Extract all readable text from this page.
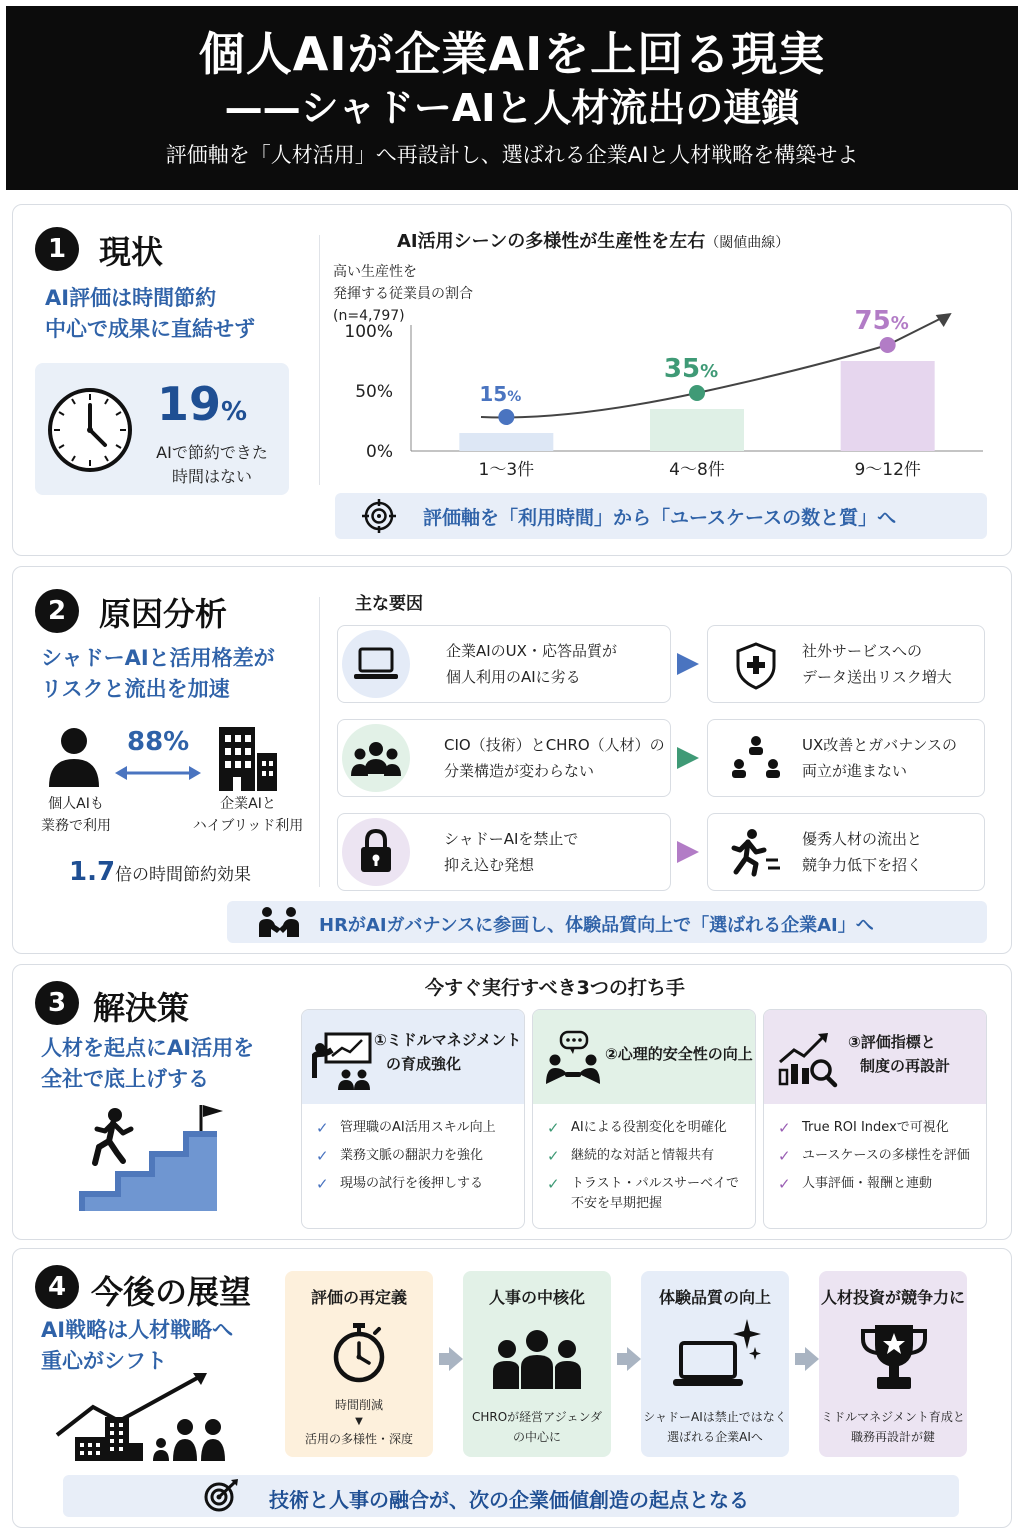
個人AIが企業AIを上回る現実
——シャドーAIと人材流出の連鎖

評価軸を「人材活用」へ再設計し、選ばれる企業AIと人材戦略を構築せよ

1	現状
AI評価は時間節約
中心で成果に直結せず
19%
AIで節約できた
時間はない
AI活用シーンの多様性が生産性を左右（閾値曲線）
高い生産性を
発揮する従業員の割合
(n=4,797)
100%
50%
0%
1〜3件	4〜8件	9〜12件
15%
35%
75%
評価軸を「利用時間」から「ユースケースの数と質」へ
2	原因分析
シャドーAIと活用格差が
リスクと流出を加速
88%
個人AIも
業務で利用
企業AIと
ハイブリッド利用
1.7倍の時間節約効果
主な要因
企業AIのUX・応答品質が
個人利用のAIに劣る
社外サービスへの
データ送出リスク増大
CIO（技術）とCHRO（人材）の
分業構造が変わらない
UX改善とガバナンスの
両立が進まない
シャドーAIを禁止で
抑え込む発想
優秀人材の流出と
競争力低下を招く
HRがAIガバナンスに参画し、体験品質向上で「選ばれる企業AI」へ
3 解決策
人材を起点にAI活用を
全社で底上げする
今すぐ実行すべき3つの打ち手
①ミドルマネジメント
の育成強化
✓ 管理職のAI活用スキル向上
✓ 業務文脈の翻訳力を強化
✓ 現場の試行を後押しする
②心理的安全性の向上
✓ AIによる役割変化を明確化
✓ 継続的な対話と情報共有
✓ トラスト・パルスサーベイで不安を早期把握
③評価指標と
制度の再設計
✓ True ROI Indexで可視化
✓ ユースケースの多様性を評価
✓ 人事評価・報酬と連動
4 今後の展望
AI戦略は人材戦略へ
重心がシフト
評価の再定義
時間削減
▼
活用の多様性・深度
人事の中核化
CHROが経営アジェンダ
の中心に
体験品質の向上
シャドーAIは禁止ではなく
選ばれる企業AIへ
人材投資が競争力に
ミドルマネジメント育成と
職務再設計が鍵
技術と人事の融合が、次の企業価値創造の起点となる
